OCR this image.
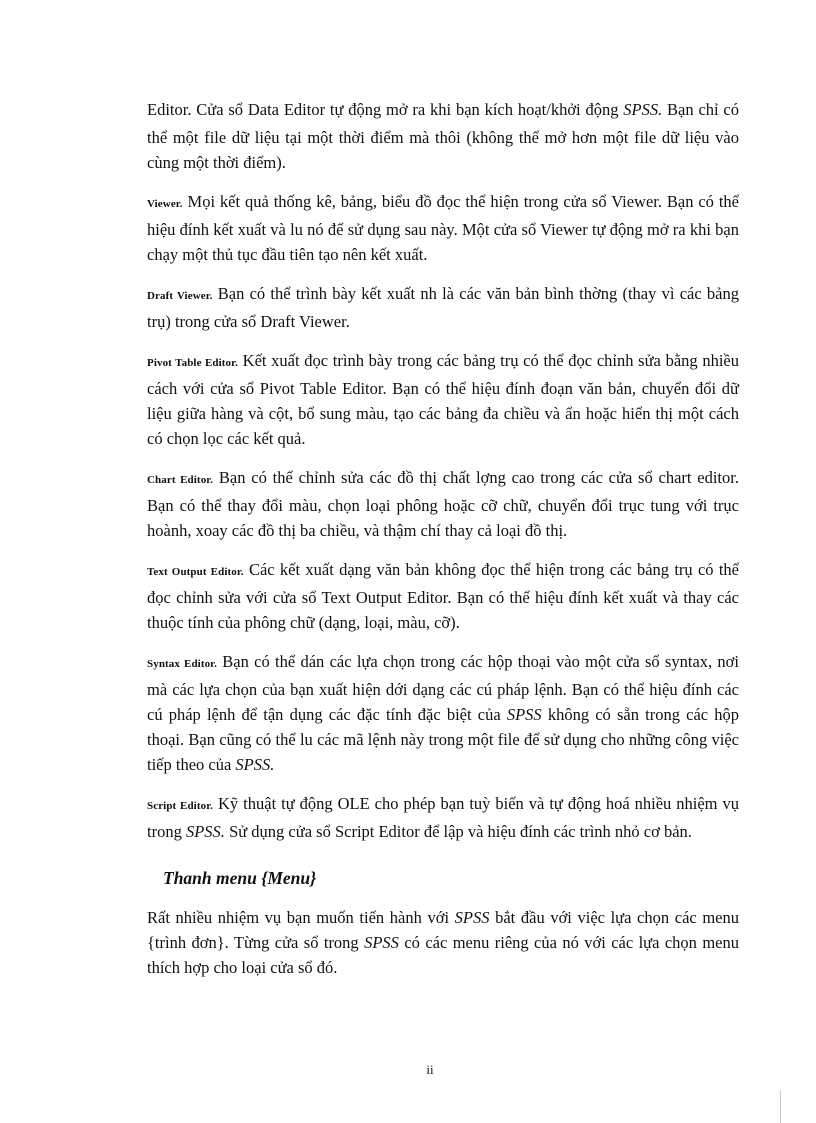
Editor. Cửa sổ Data Editor tự động mở ra khi bạn kích hoạt/khởi động SPSS. Bạn chỉ có thể một file dữ liệu tại một thời điểm mà thôi (không thể mở hơn một file dữ liệu vào cùng một thời điểm).

Viewer. Mọi kết quả thống kê, bảng, biểu đồ đọc thể hiện trong cửa sổ Viewer. Bạn có thể hiệu đính kết xuất và lu nó để sử dụng sau này. Một cửa sổ Viewer tự động mở ra khi bạn chạy một thủ tục đầu tiên tạo nên kết xuất.

Draft Viewer. Bạn có thể trình bày kết xuất nh là các văn bản bình thờng (thay vì các bảng trụ) trong cửa sổ Draft Viewer.

Pivot Table Editor. Kết xuất đọc trình bày trong các bảng trụ có thể đọc chỉnh sửa bằng nhiều cách với cửa sổ Pivot Table Editor. Bạn có thể hiệu đính đoạn văn bản, chuyển đổi dữ liệu giữa hàng và cột, bổ sung màu, tạo các bảng đa chiều và ẩn hoặc hiển thị một cách có chọn lọc các kết quả.

Chart Editor. Bạn có thể chỉnh sửa các đồ thị chất lợng cao trong các cửa sổ chart editor. Bạn có thể thay đổi màu, chọn loại phông hoặc cỡ chữ, chuyển đổi trục tung với trục hoành, xoay các đồ thị ba chiều, và thậm chí thay cả loại đồ thị.

Text Output Editor. Các kết xuất dạng văn bản không đọc thể hiện trong các bảng trụ có thể đọc chỉnh sửa với cửa sổ Text Output Editor. Bạn có thể hiệu đính kết xuất và thay các thuộc tính của phông chữ (dạng, loại, màu, cỡ).

Syntax Editor. Bạn có thể dán các lựa chọn trong các hộp thoại vào một cửa sổ syntax, nơi mà các lựa chọn của bạn xuất hiện dới dạng các cú pháp lệnh. Bạn có thể hiệu đính các cú pháp lệnh để tận dụng các đặc tính đặc biệt của SPSS không có sẵn trong các hộp thoại. Bạn cũng có thể lu các mã lệnh này trong một file để sử dụng cho những công việc tiếp theo của SPSS.

Script Editor. Kỹ thuật tự động OLE cho phép bạn tuỳ biến và tự động hoá nhiều nhiệm vụ trong SPSS. Sử dụng cửa sổ Script Editor để lập và hiệu đính các trình nhỏ cơ bản.

Thanh menu {Menu}

Rất nhiều nhiệm vụ bạn muốn tiến hành với SPSS bắt đầu với việc lựa chọn các menu {trình đơn}. Từng cửa sổ trong SPSS có các menu riêng của nó với các lựa chọn menu thích hợp cho loại cửa sổ đó.

ii
